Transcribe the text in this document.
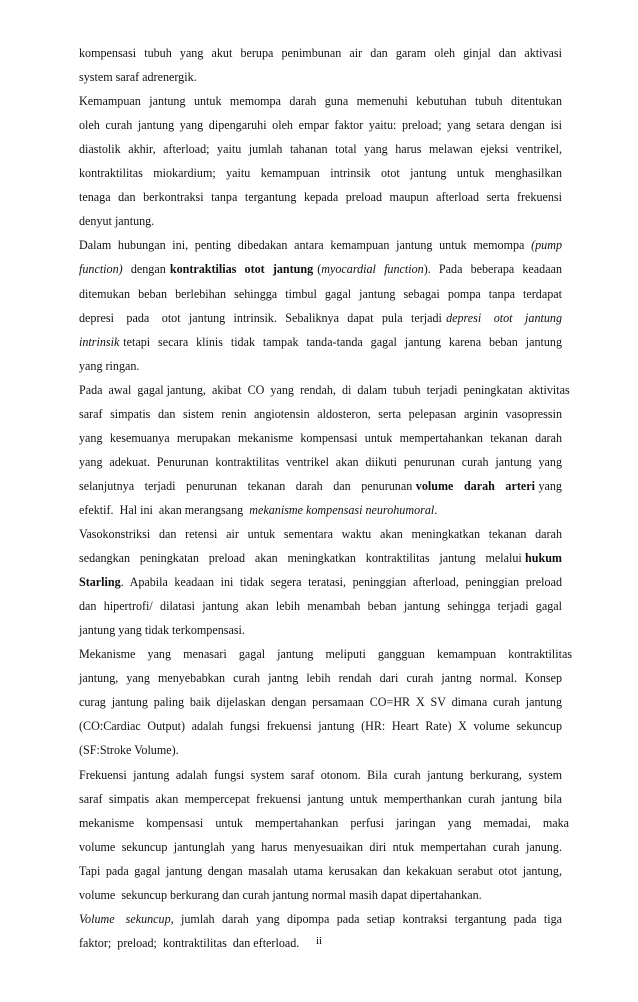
kompensasi  tubuh  yang  akut  berupa  penimbunan  air  dan  garam  oleh  ginjal  dan  aktivasi
system saraf adrenergik.
Kemampuan  jantung  untuk  memompa  darah  guna  memenuhi  kebutuhan  tubuh  ditentukan
oleh curah jantung yang dipengaruhi oleh empar faktor yaitu: preload; yang setara dengan isi
diastolik  akhir,  afterload;  yaitu  jumlah  tahanan  total  yang  harus  melawan  ejeksi  ventrikel,
kontraktilitas   miokardium;   yaitu   kemampuan   intrinsik   otot   jantung   untuk   menghasilkan
tenaga  dan  berkontraksi  tanpa  tergantung  kepada  preload  maupun  afterload  serta  frekuensi
denyut jantung.
Dalam  hubungan  ini,  penting  dibedakan  antara  kemampuan  jantung  untuk  memompa  (pump
function)  dengan kontraktilias  otot  jantung (myocardial  function).  Pada  beberapa  keadaan
ditemukan  beban  berlebihan  sehingga  timbul  gagal  jantung  sebagai  pompa  tanpa  terdapat
depresi   pada   otot  jantung  intrinsik.  Sebaliknya  dapat  pula  terjadi depresi   otot   jantung
intrinsik tetapi  secara  klinis  tidak  tampak  tanda-tanda  gagal  jantung  karena  beban  jantung
yang ringan.
Pada  awal  gagal jantung,  akibat  CO  yang  rendah,  di  dalam  tubuh  terjadi  peningkatan  aktivitas
saraf  simpatis  dan  sistem  renin  angiotensin  aldosteron,  serta  pelepasan  arginin  vasopressin
yang  kesemuanya  merupakan  mekanisme  kompensasi  untuk  mempertahankan  tekanan  darah
yang  adekuat.  Penurunan  kontraktilitas  ventrikel  akan  diikuti  penurunan  curah  jantung  yang
selanjutnya   terjadi   penurunan   tekanan   darah   dan   penurunan volume   darah   arteri yang
efektif.  Hal ini  akan merangsang  mekanisme kompensasi neurohumoral.
Vasokonstriksi  dan  retensi  air  untuk  sementara  waktu  akan  meningkatkan  tekanan  darah
sedangkan   peningkatan   preload   akan   meningkatkan   kontraktilitas   jantung   melalui hukum
Starling.  Apabila  keadaan  ini  tidak  segera  teratasi,  peninggian  afterload,  peninggian  preload
dan  hipertrofi/  dilatasi  jantung  akan  lebih  menambah  beban  jantung  sehingga  terjadi  gagal
jantung yang tidak terkompensasi.
Mekanisme    yang    menasari    gagal    jantung    meliputi    gangguan    kemampuan    kontraktilitas
jantung,  yang  menyebabkan  curah  jantng  lebih  rendah  dari  curah  jantng  normal.  Konsep
curag jantung paling baik dijelaskan dengan persamaan CO=HR X SV dimana curah jantung
(CO:Cardiac  Output)  adalah  fungsi  frekuensi  jantung  (HR:  Heart  Rate)  X  volume  sekuncup
(SF:Stroke Volume).
Frekuensi  jantung  adalah  fungsi  system  saraf  otonom.  Bila  curah  jantung  berkurang,  system
saraf  simpatis  akan  mempercepat  frekuensi  jantung  untuk  memperthankan  curah  jantung  bila
mekanisme    kompensasi    untuk    mempertahankan    perfusi    jaringan    yang    memadai,    maka
volume  sekuncup  jantunglah  yang  harus  menyesuaikan  diri  ntuk  mempertahan  curah  janung.
Tapi pada gagal jantung dengan masalah utama kerusakan dan kekakuan serabut otot jantung,
volume  sekuncup berkurang dan curah jantung normal masih dapat dipertahankan.
Volume   sekuncup,  jumlah  darah  yang  dipompa  pada  setiap  kontraksi  tergantung  pada  tiga
faktor;  preload;  kontraktilitas  dan efterload.	ii
